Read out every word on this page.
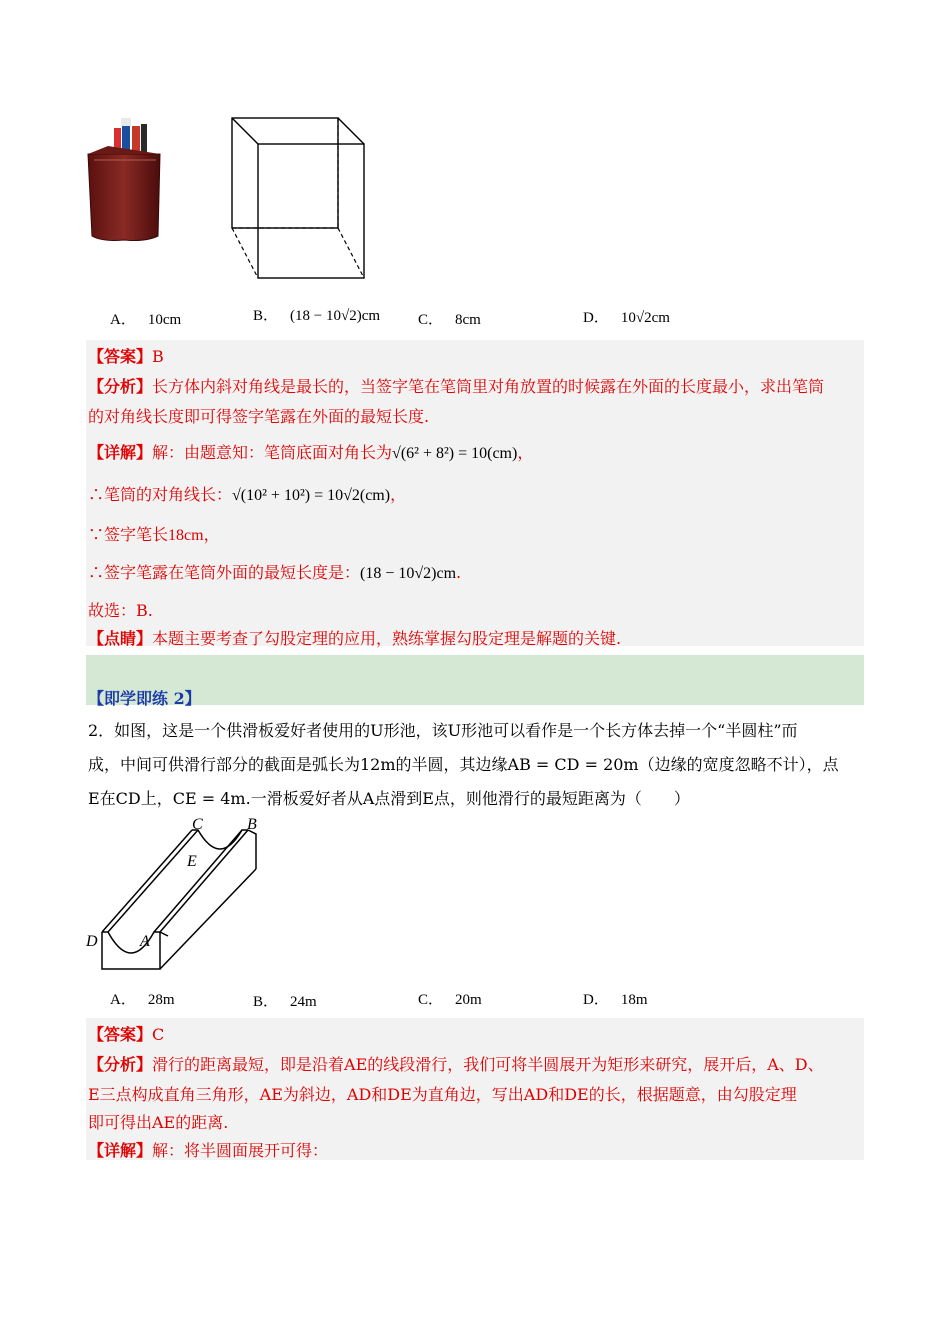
A． 10cm	B． (18 − 10√2)cm	C． 8cm	D． 10√2cm
【答案】B
【分析】长方体内斜对角线是最长的，当签字笔在笔筒里对角放置的时候露在外面的长度最小，求出笔筒
的对角线长度即可得签字笔露在外面的最短长度.
【详解】解：由题意知：笔筒底面对角长为√(6² + 8²) = 10(cm)，
∴笔筒的对角线长：√(10² + 10²) = 10√2(cm)，
∵签字笔长18cm，
∴签字笔露在笔筒外面的最短长度是：(18 − 10√2)cm.
故选：B.
【点睛】本题主要考查了勾股定理的应用，熟练掌握勾股定理是解题的关键.
【即学即练 2】
2．如图，这是一个供滑板爱好者使用的U形池，该U形池可以看作是一个长方体去掉一个“半圆柱”而
成，中间可供滑行部分的截面是弧长为12m的半圆，其边缘AB = CD = 20m（边缘的宽度忽略不计），点
E在CD上，CE = 4m.一滑板爱好者从A点滑到E点，则他滑行的最短距离为（　　）
C	B
E
D	A
A． 28m	B． 24m	C． 20m	D． 18m
【答案】C
【分析】滑行的距离最短，即是沿着AE的线段滑行，我们可将半圆展开为矩形来研究，展开后，A、D、
E三点构成直角三角形，AE为斜边，AD和DE为直角边，写出AD和DE的长，根据题意，由勾股定理
即可得出AE的距离.
【详解】解：将半圆面展开可得：
